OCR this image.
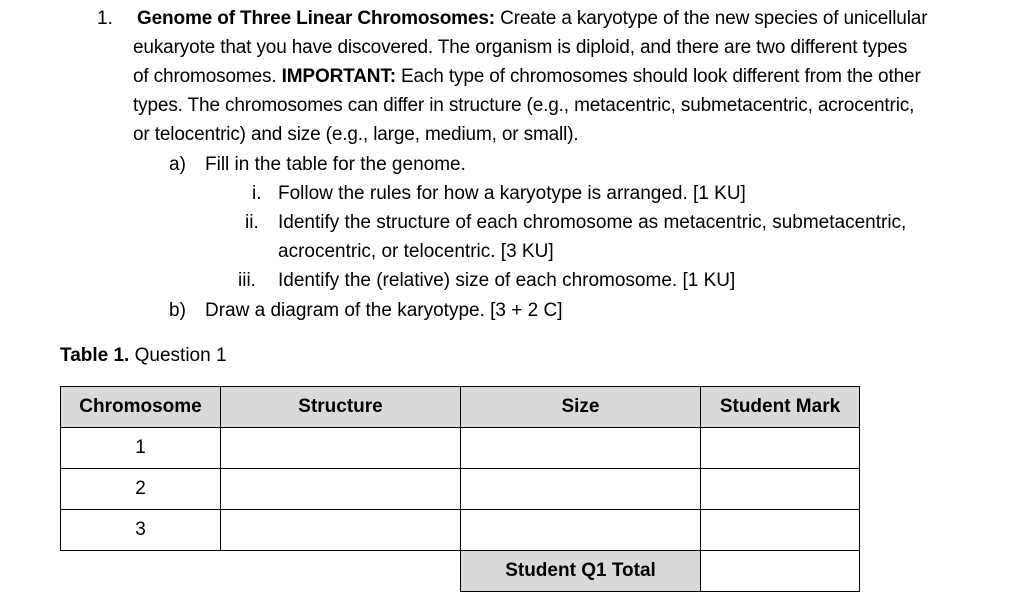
1. Genome of Three Linear Chromosomes: Create a karyotype of the new species of unicellular
eukaryote that you have discovered. The organism is diploid, and there are two different types
of chromosomes. IMPORTANT: Each type of chromosomes should look different from the other
types. The chromosomes can differ in structure (e.g., metacentric, submetacentric, acrocentric,
or telocentric) and size (e.g., large, medium, or small).
a) Fill in the table for the genome.
i. Follow the rules for how a karyotype is arranged. [1 KU]
ii. Identify the structure of each chromosome as metacentric, submetacentric,
acrocentric, or telocentric. [3 KU]
iii. Identify the (relative) size of each chromosome. [1 KU]
b) Draw a diagram of the karyotype. [3 + 2 C]
Table 1. Question 1
Chromosome	Structure	Size	Student Mark
1			
2			
3			
		Student Q1 Total	
